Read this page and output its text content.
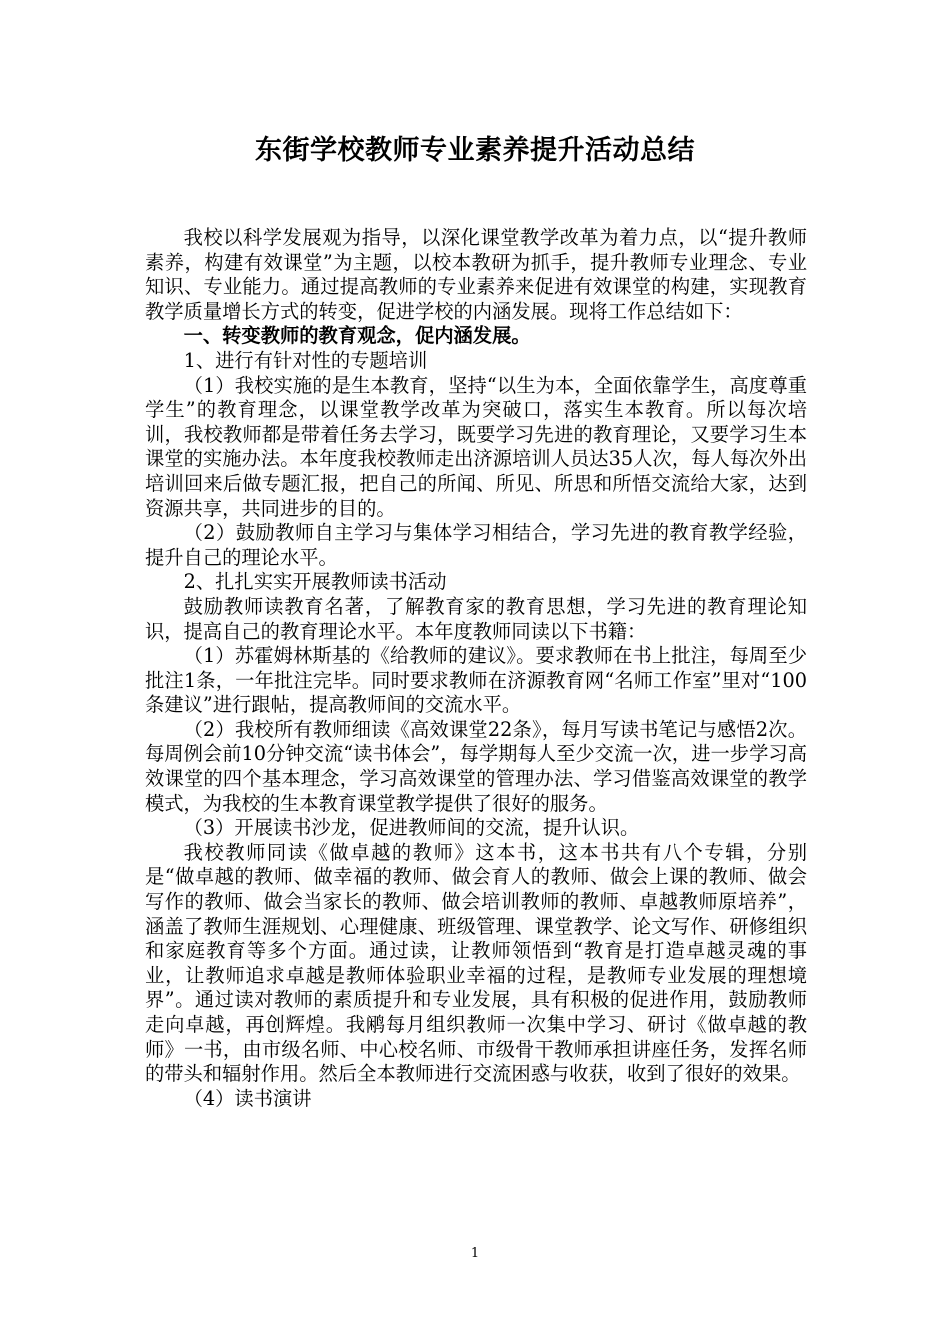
东街学校教师专业素养提升活动总结

我校以科学发展观为指导，以深化课堂教学改革为着力点，以“提升教师素养，构建有效课堂”为主题，以校本教研为抓手，提升教师专业理念、专业知识、专业能力。通过提高教师的专业素养来促进有效课堂的构建，实现教育教学质量增长方式的转变，促进学校的内涵发展。现将工作总结如下：

一、转变教师的教育观念，促内涵发展。

1、进行有针对性的专题培训

（1）我校实施的是生本教育，坚持“以生为本，全面依靠学生，高度尊重学生”的教育理念，以课堂教学改革为突破口，落实生本教育。所以每次培训，我校教师都是带着任务去学习，既要学习先进的教育理论，又要学习生本课堂的实施办法。本年度我校教师走出济源培训人员达35人次，每人每次外出培训回来后做专题汇报，把自己的所闻、所见、所思和所悟交流给大家，达到资源共享，共同进步的目的。

（2）鼓励教师自主学习与集体学习相结合，学习先进的教育教学经验，提升自己的理论水平。

2、扎扎实实开展教师读书活动

鼓励教师读教育名著，了解教育家的教育思想，学习先进的教育理论知识，提高自己的教育理论水平。本年度教师同读以下书籍：

（1）苏霍姆林斯基的《给教师的建议》。要求教师在书上批注，每周至少批注1条，一年批注完毕。同时要求教师在济源教育网“名师工作室”里对“100条建议”进行跟帖，提高教师间的交流水平。

（2）我校所有教师细读《高效课堂22条》，每月写读书笔记与感悟2次。每周例会前10分钟交流“读书体会”，每学期每人至少交流一次，进一步学习高效课堂的四个基本理念，学习高效课堂的管理办法、学习借鉴高效课堂的教学模式，为我校的生本教育课堂教学提供了很好的服务。

（3）开展读书沙龙，促进教师间的交流，提升认识。

我校教师同读《做卓越的教师》这本书，这本书共有八个专辑，分别是“做卓越的教师、做幸福的教师、做会育人的教师、做会上课的教师、做会写作的教师、做会当家长的教师、做会培训教师的教师、卓越教师原培养”，涵盖了教师生涯规划、心理健康、班级管理、课堂教学、论文写作、研修组织和家庭教育等多个方面。通过读，让教师领悟到“教育是打造卓越灵魂的事业，让教师追求卓越是教师体验职业幸福的过程，是教师专业发展的理想境界”。通过读对教师的素质提升和专业发展，具有积极的促进作用，鼓励教师走向卓越，再创辉煌。我鹇每月组织教师一次集中学习、研讨《做卓越的教师》一书，由市级名师、中心校名师、市级骨干教师承担讲座任务，发挥名师的带头和辐射作用。然后全本教师进行交流困惑与收获，收到了很好的效果。

（4）读书演讲

1
